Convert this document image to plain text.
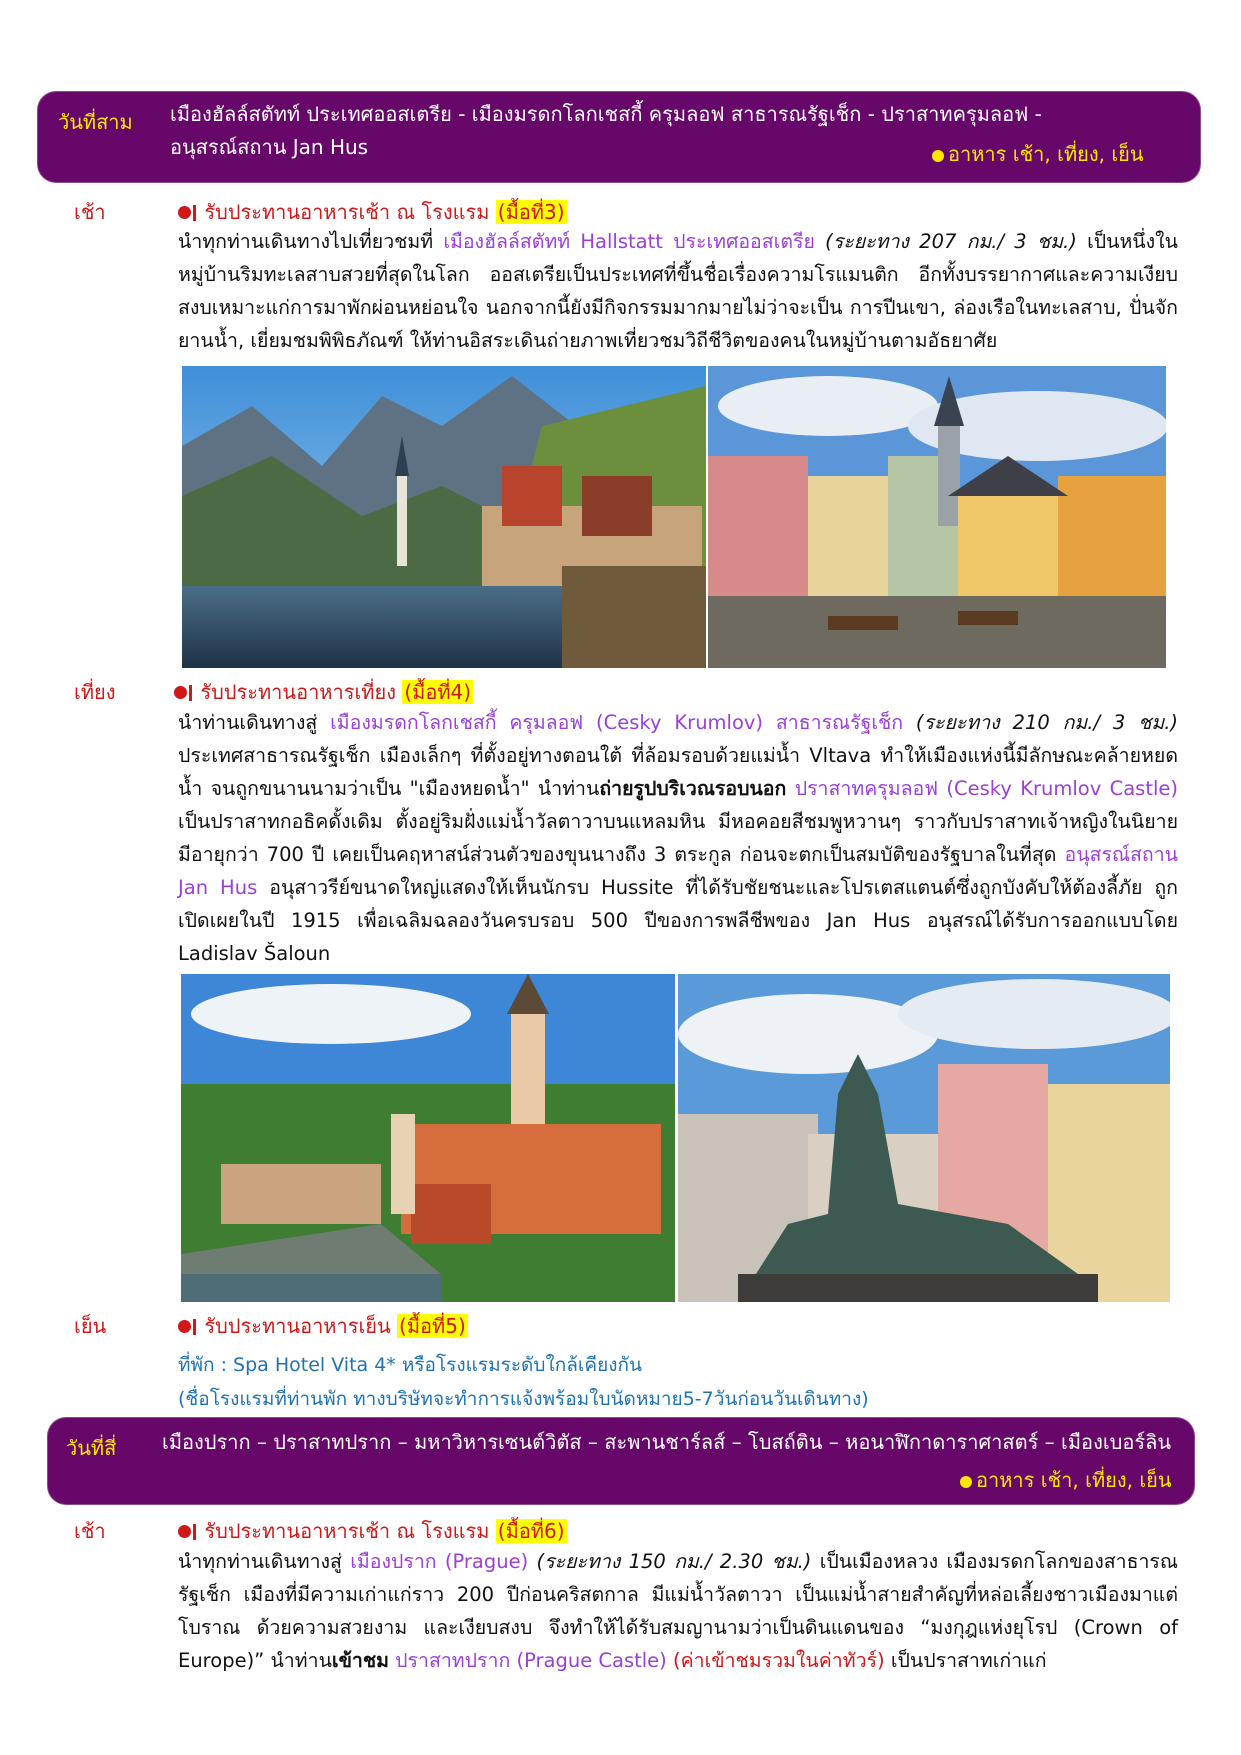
วันที่สาม เมืองฮัลล์สตัทท์ ประเทศออสเตรีย - เมืองมรดกโลกเชสกี้ ครุมลอฟ สาธารณรัฐเช็ก - ปราสาทครุมลอฟ -
อนุสรณ์สถาน Jan Hus	อาหาร เช้า, เที่ยง, เย็น
เช้า	รับประทานอาหารเช้า ณ โรงแรม (มื้อที่3)
นำทุกท่านเดินทางไปเที่ยวชมที่ เมืองฮัลล์สตัทท์ Hallstatt ประเทศออสเตรีย (ระยะทาง 207 กม./ 3 ชม.) เป็นหนึ่งในหมู่บ้านริมทะเลสาบสวยที่สุดในโลก ออสเตรียเป็นประเทศที่ขึ้นชื่อเรื่องความโรแมนติก อีกทั้งบรรยากาศและความเงียบสงบเหมาะแก่การมาพักผ่อนหย่อนใจ นอกจากนี้ยังมีกิจกรรมมากมายไม่ว่าจะเป็น การปีนเขา, ล่องเรือในทะเลสาบ, ปั่นจักยานน้ำ, เยี่ยมชมพิพิธภัณฑ์ ให้ท่านอิสระเดินถ่ายภาพเที่ยวชมวิถีชีวิตของคนในหมู่บ้านตามอัธยาศัย
เที่ยง	รับประทานอาหารเที่ยง (มื้อที่4)
นำท่านเดินทางสู่ เมืองมรดกโลกเชสกี้ ครุมลอฟ (Cesky Krumlov) สาธารณรัฐเช็ก (ระยะทาง 210 กม./ 3 ชม.) ประเทศสาธารณรัฐเช็ก เมืองเล็กๆ ที่ตั้งอยู่ทางตอนใต้ ที่ล้อมรอบด้วยแม่น้ำ Vltava ทำให้เมืองแห่งนี้มีลักษณะคล้ายหยดน้ำ จนถูกขนานนามว่าเป็น "เมืองหยดน้ำ" นำท่านถ่ายรูปบริเวณรอบนอก ปราสาทครุมลอฟ (Cesky Krumlov Castle) เป็นปราสาทกอธิคดั้งเดิม ตั้งอยู่ริมฝั่งแม่น้ำวัลตาวาบนแหลมหิน มีหอคอยสีชมพูหวานๆ ราวกับปราสาทเจ้าหญิงในนิยาย มีอายุกว่า 700 ปี เคยเป็นคฤหาสน์ส่วนตัวของขุนนางถึง 3 ตระกูล ก่อนจะตกเป็นสมบัติของรัฐบาลในที่สุด อนุสรณ์สถาน Jan Hus อนุสาวรีย์ขนาดใหญ่แสดงให้เห็นนักรบ Hussite ที่ได้รับชัยชนะและโปรเตสแตนต์ซึ่งถูกบังคับให้ต้องลี้ภัย ถูกเปิดเผยในปี 1915 เพื่อเฉลิมฉลองวันครบรอบ 500 ปีของการพลีชีพของ Jan Hus อนุสรณ์ได้รับการออกแบบโดย Ladislav Šaloun
เย็น	รับประทานอาหารเย็น (มื้อที่5)
ที่พัก : Spa Hotel Vita 4* หรือโรงแรมระดับใกล้เคียงกัน
(ชื่อโรงแรมที่ท่านพัก ทางบริษัทจะทำการแจ้งพร้อมใบนัดหมาย5-7วันก่อนวันเดินทาง)
วันที่สี่ เมืองปราก – ปราสาทปราก – มหาวิหารเซนต์วิตัส – สะพานชาร์ลส์ – โบสถ์ติน – หอนาฬิกาดาราศาสตร์ – เมืองเบอร์ลิน
อาหาร เช้า, เที่ยง, เย็น
เช้า	รับประทานอาหารเช้า ณ โรงแรม (มื้อที่6)
นำทุกท่านเดินทางสู่ เมืองปราก (Prague) (ระยะทาง 150 กม./ 2.30 ชม.) เป็นเมืองหลวง เมืองมรดกโลกของสาธารณรัฐเช็ก เมืองที่มีความเก่าแก่ราว 200 ปีก่อนคริสตกาล มีแม่น้ำวัลตาวา เป็นแม่น้ำสายสำคัญที่หล่อเลี้ยงชาวเมืองมาแต่โบราณ ด้วยความสวยงาม และเงียบสงบ จึงทำให้ได้รับสมญานามว่าเป็นดินแดนของ “มงกุฎแห่งยุโรป (Crown of Europe)” นำท่านเข้าชม ปราสาทปราก (Prague Castle) (ค่าเข้าชมรวมในค่าทัวร์) เป็นปราสาทเก่าแก่
